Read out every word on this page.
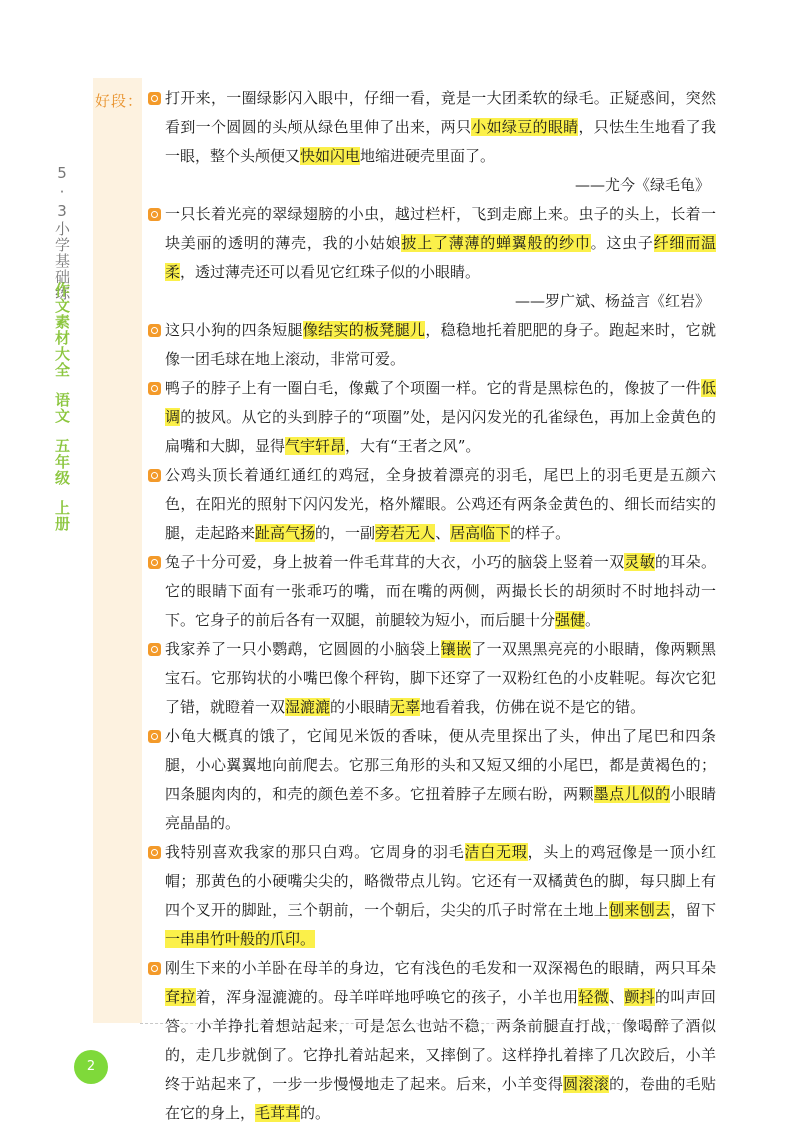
好段：
5·3小学基础练
作文素材大全语文五年级上册

打开来，一圈绿影闪入眼中，仔细一看，竟是一大团柔软的绿毛。正疑惑间，突然看到一个圆圆的头颅从绿色里伸了出来，两只小如绿豆的眼睛，只怯生生地看了我一眼，整个头颅便又快如闪电地缩进硬壳里面了。

——尤今《绿毛龟》

一只长着光亮的翠绿翅膀的小虫，越过栏杆，飞到走廊上来。虫子的头上，长着一块美丽的透明的薄壳，我的小姑娘披上了薄薄的蝉翼般的纱巾。这虫子纤细而温柔，透过薄壳还可以看见它红珠子似的小眼睛。

——罗广斌、杨益言《红岩》

这只小狗的四条短腿像结实的板凳腿儿，稳稳地托着肥肥的身子。跑起来时，它就像一团毛球在地上滚动，非常可爱。

鸭子的脖子上有一圈白毛，像戴了个项圈一样。它的背是黑棕色的，像披了一件低调的披风。从它的头到脖子的“项圈”处，是闪闪发光的孔雀绿色，再加上金黄色的扁嘴和大脚，显得气宇轩昂，大有“王者之风”。

公鸡头顶长着通红通红的鸡冠，全身披着漂亮的羽毛，尾巴上的羽毛更是五颜六色，在阳光的照射下闪闪发光，格外耀眼。公鸡还有两条金黄色的、细长而结实的腿，走起路来趾高气扬的，一副旁若无人、居高临下的样子。

兔子十分可爱，身上披着一件毛茸茸的大衣，小巧的脑袋上竖着一双灵敏的耳朵。它的眼睛下面有一张乖巧的嘴，而在嘴的两侧，两撮长长的胡须时不时地抖动一下。它身子的前后各有一双腿，前腿较为短小，而后腿十分强健。

我家养了一只小鹦鹉，它圆圆的小脑袋上镶嵌了一双黑黑亮亮的小眼睛，像两颗黑宝石。它那钩状的小嘴巴像个秤钩，脚下还穿了一双粉红色的小皮鞋呢。每次它犯了错，就瞪着一双湿漉漉的小眼睛无辜地看着我，仿佛在说不是它的错。

小龟大概真的饿了，它闻见米饭的香味，便从壳里探出了头，伸出了尾巴和四条腿，小心翼翼地向前爬去。它那三角形的头和又短又细的小尾巴，都是黄褐色的；四条腿肉肉的，和壳的颜色差不多。它扭着脖子左顾右盼，两颗墨点儿似的小眼睛亮晶晶的。

我特别喜欢我家的那只白鸡。它周身的羽毛洁白无瑕，头上的鸡冠像是一顶小红帽；那黄色的小硬嘴尖尖的，略微带点儿钩。它还有一双橘黄色的脚，每只脚上有四个叉开的脚趾，三个朝前，一个朝后，尖尖的爪子时常在土地上刨来刨去，留下一串串竹叶般的爪印。

刚生下来的小羊卧在母羊的身边，它有浅色的毛发和一双深褐色的眼睛，两只耳朵耷拉着，浑身湿漉漉的。母羊咩咩地呼唤它的孩子，小羊也用轻微、颤抖的叫声回答。小羊挣扎着想站起来，可是怎么也站不稳，两条前腿直打战，像喝醉了酒似的，走几步就倒了。它挣扎着站起来，又摔倒了。这样挣扎着摔了几次跤后，小羊终于站起来了，一步一步慢慢地走了起来。后来，小羊变得圆滚滚的，卷曲的毛贴在它的身上，毛茸茸的。

2
